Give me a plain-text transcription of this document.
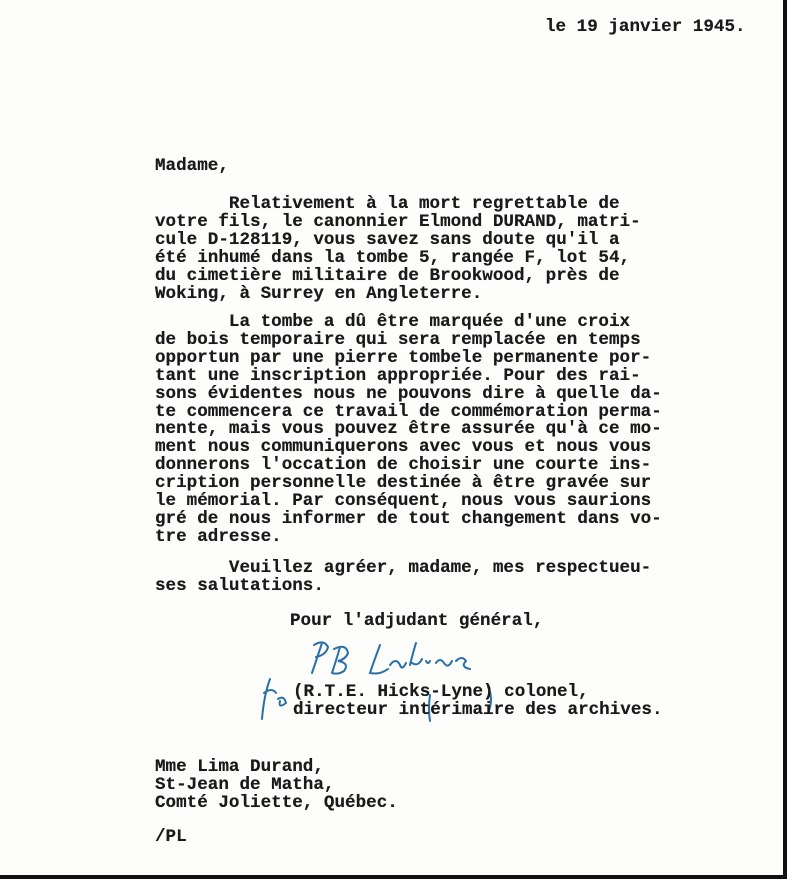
le 19 janvier 1945.

Madame,

Relativement à la mort regrettable de
votre fils, le canonnier Elmond DURAND, matri-
cule D-128119, vous savez sans doute qu'il a
été inhumé dans la tombe 5, rangée F, lot 54,
du cimetière militaire de Brookwood, près de
Woking, à Surrey en Angleterre.

La tombe a dû être marquée d'une croix
de bois temporaire qui sera remplacée en temps
opportun par une pierre tombele permanente por-
tant une inscription appropriée. Pour des rai-
sons évidentes nous ne pouvons dire à quelle da-
te commencera ce travail de commémoration perma-
nente, mais vous pouvez être assurée qu'à ce mo-
ment nous communiquerons avec vous et nous vous
donnerons l'occation de choisir une courte ins-
cription personnelle destinée à être gravée sur
le mémorial. Par conséquent, nous vous saurions
gré de nous informer de tout changement dans vo-
tre adresse.

Veuillez agréer, madame, mes respectueu-
ses salutations.

Pour l'adjudant général,

(R.T.E. Hicks-Lyne) colonel,
directeur intérimaire des archives.

Mme Lima Durand,
St-Jean de Matha,
Comté Joliette, Québec.

/PL
